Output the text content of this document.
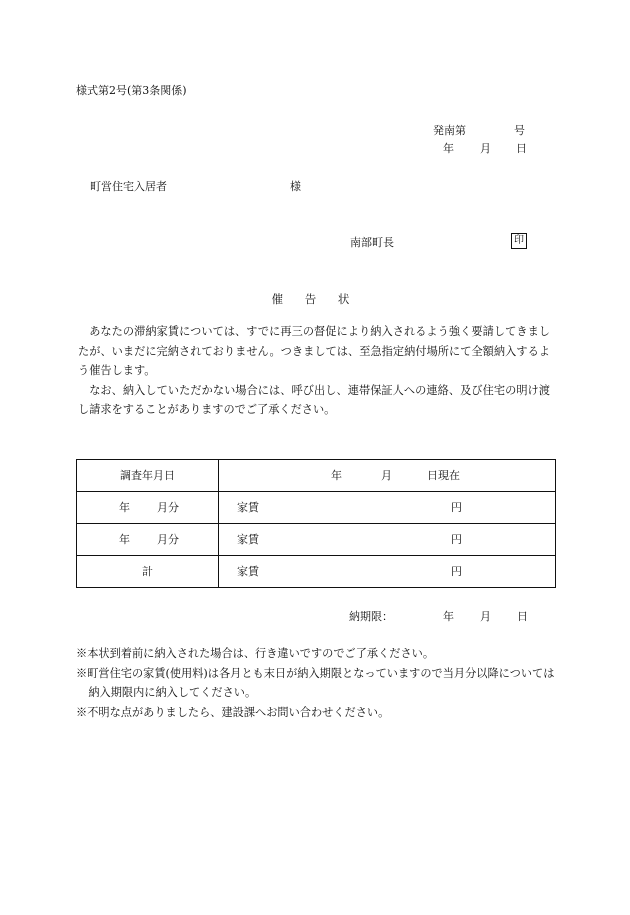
様式第2号(第3条関係)
発南第	号
年 月 日
町営住宅入居者	様
南部町長	印
催 告 状

あなたの滞納家賃については、すでに再三の督促により納入されるよう強く要請してきましたが、いまだに完納されておりません。つきましては、至急指定納付場所にて全額納入するよう催告します。

なお、納入していただかない場合には、呼び出し、連帯保証人への連絡、及び住宅の明け渡し請求をすることがありますのでご了承ください。

調査年月日	年 月 日現在

年 月分	家賃 円

年 月分	家賃 円

計	家賃 円
納期限：	年 月 日
※本状到着前に納入された場合は、行き違いですのでご了承ください。
※町営住宅の家賃(使用料)は各月とも末日が納入期限となっていますので当月分以降については納入期限内に納入してください。
※不明な点がありましたら、建設課へお問い合わせください。
